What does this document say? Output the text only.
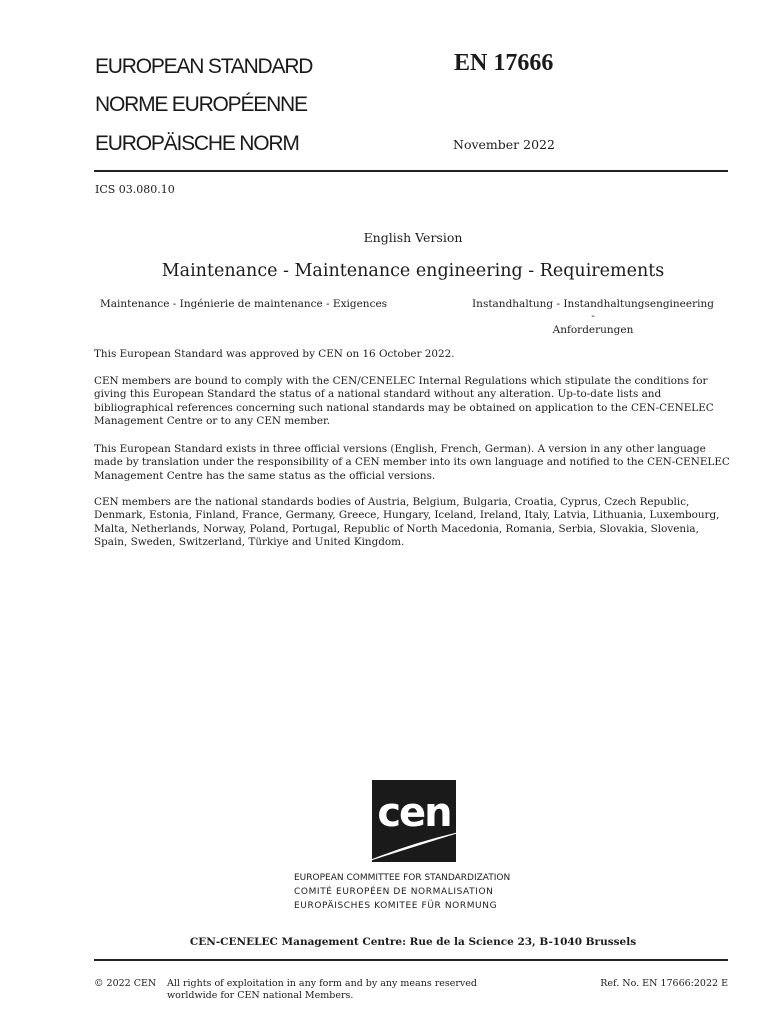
EUROPEAN STANDARD
NORME EUROPÉENNE
EUROPÄISCHE NORM
EN 17666
November 2022
ICS 03.080.10
English Version
Maintenance - Maintenance engineering - Requirements
Maintenance - Ingénierie de maintenance - Exigences	Instandhaltung - Instandhaltungsengineering -
Anforderungen

This European Standard was approved by CEN on 16 October 2022.

CEN members are bound to comply with the CEN/CENELEC Internal Regulations which stipulate the conditions for giving this European Standard the status of a national standard without any alteration. Up-to-date lists and bibliographical references concerning such national standards may be obtained on application to the CEN-CENELEC Management Centre or to any CEN member.

This European Standard exists in three official versions (English, French, German). A version in any other language made by translation under the responsibility of a CEN member into its own language and notified to the CEN-CENELEC Management Centre has the same status as the official versions.

CEN members are the national standards bodies of Austria, Belgium, Bulgaria, Croatia, Cyprus, Czech Republic, Denmark, Estonia, Finland, France, Germany, Greece, Hungary, Iceland, Ireland, Italy, Latvia, Lithuania, Luxembourg, Malta, Netherlands, Norway, Poland, Portugal, Republic of North Macedonia, Romania, Serbia, Slovakia, Slovenia, Spain, Sweden, Switzerland, Türkiye and United Kingdom.

cen
EUROPEAN COMMITTEE FOR STANDARDIZATION
COMITÉ EUROPÉEN DE NORMALISATION
EUROPÄISCHES KOMITEE FÜR NORMUNG
CEN-CENELEC Management Centre: Rue de la Science 23, B-1040 Brussels
© 2022 CEN All rights of exploitation in any form and by any means reserved
worldwide for CEN national Members.
Ref. No. EN 17666:2022 E
